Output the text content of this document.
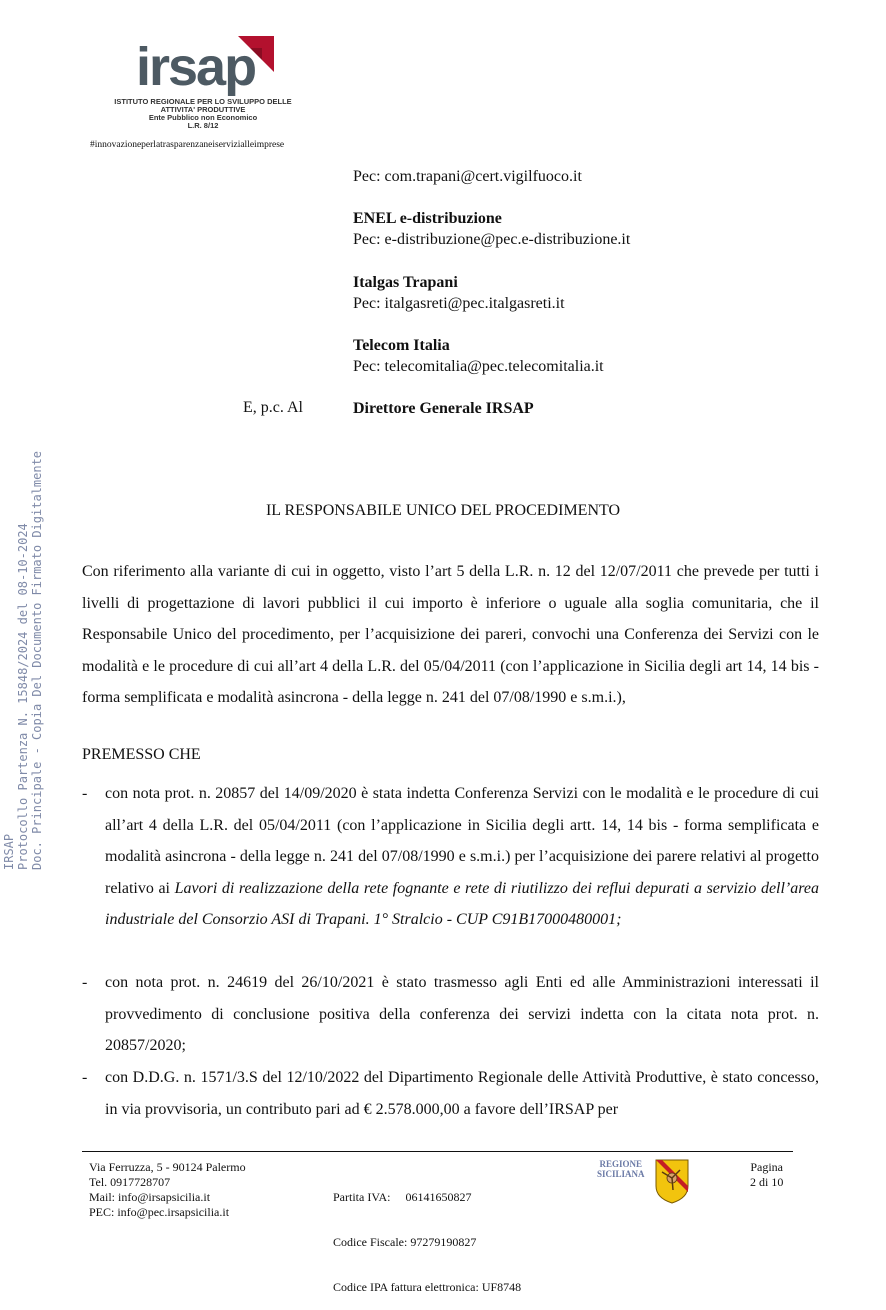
irsap
ISTITUTO REGIONALE PER LO SVILUPPO DELLE
ATTIVITA' PRODUTTIVE
Ente Pubblico non Economico
L.R. 8/12
#innovazioneperlatrasparenzaneiservizialleimprese
Pec: com.trapani@cert.vigilfuoco.it
ENEL e-distribuzione
Pec: e-distribuzione@pec.e-distribuzione.it
Italgas Trapani
Pec: italgasreti@pec.italgasreti.it
Telecom Italia
Pec: telecomitalia@pec.telecomitalia.it
E, p.c. Al	Direttore Generale IRSAP
IL RESPONSABILE UNICO DEL PROCEDIMENTO
Con riferimento alla variante di cui in oggetto, visto l’art 5 della L.R. n. 12 del 12/07/2011 che prevede per tutti i livelli di progettazione di lavori pubblici il cui importo è inferiore o uguale alla soglia comunitaria, che il Responsabile Unico del procedimento, per l’acquisizione dei pareri, convochi una Conferenza dei Servizi con le modalità e le procedure di cui all’art 4 della L.R. del 05/04/2011 (con l’applicazione in Sicilia degli art 14, 14 bis - forma semplificata e modalità asincrona - della legge n. 241 del 07/08/1990 e s.m.i.),
PREMESSO CHE
- con nota prot. n. 20857 del 14/09/2020 è stata indetta Conferenza Servizi con le modalità e le procedure di cui all’art 4 della L.R. del 05/04/2011 (con l’applicazione in Sicilia degli artt. 14, 14 bis - forma semplificata e modalità asincrona - della legge n. 241 del 07/08/1990 e s.m.i.) per l’acquisizione dei parere relativi al progetto relativo ai Lavori di realizzazione della rete fognante e rete di riutilizzo dei reflui depurati a servizio dell’area industriale del Consorzio ASI di Trapani. 1° Stralcio - CUP C91B17000480001;
- con nota prot. n. 24619 del 26/10/2021 è stato trasmesso agli Enti ed alle Amministrazioni interessati il provvedimento di conclusione positiva della conferenza dei servizi indetta con la citata nota prot. n. 20857/2020;
- con D.D.G. n. 1571/3.S del 12/10/2022 del Dipartimento Regionale delle Attività Produttive, è stato concesso, in via provvisoria, un contributo pari ad € 2.578.000,00 a favore dell’IRSAP per
IRSAP Protocollo Partenza N. 15848/2024 del 08-10-2024 Doc. Principale - Copia Del Documento Firmato Digitalmente
Via Ferruzza, 5 - 90124 Palermo
Tel. 0917728707
Mail: info@irsapsicilia.it
PEC: info@pec.irsapsicilia.it

Partita IVA:     06141650827

Codice Fiscale: 97279190827

Codice IPA fattura elettronica: UF8748

REGIONE
SICILIANA	Pagina
2 di 10
